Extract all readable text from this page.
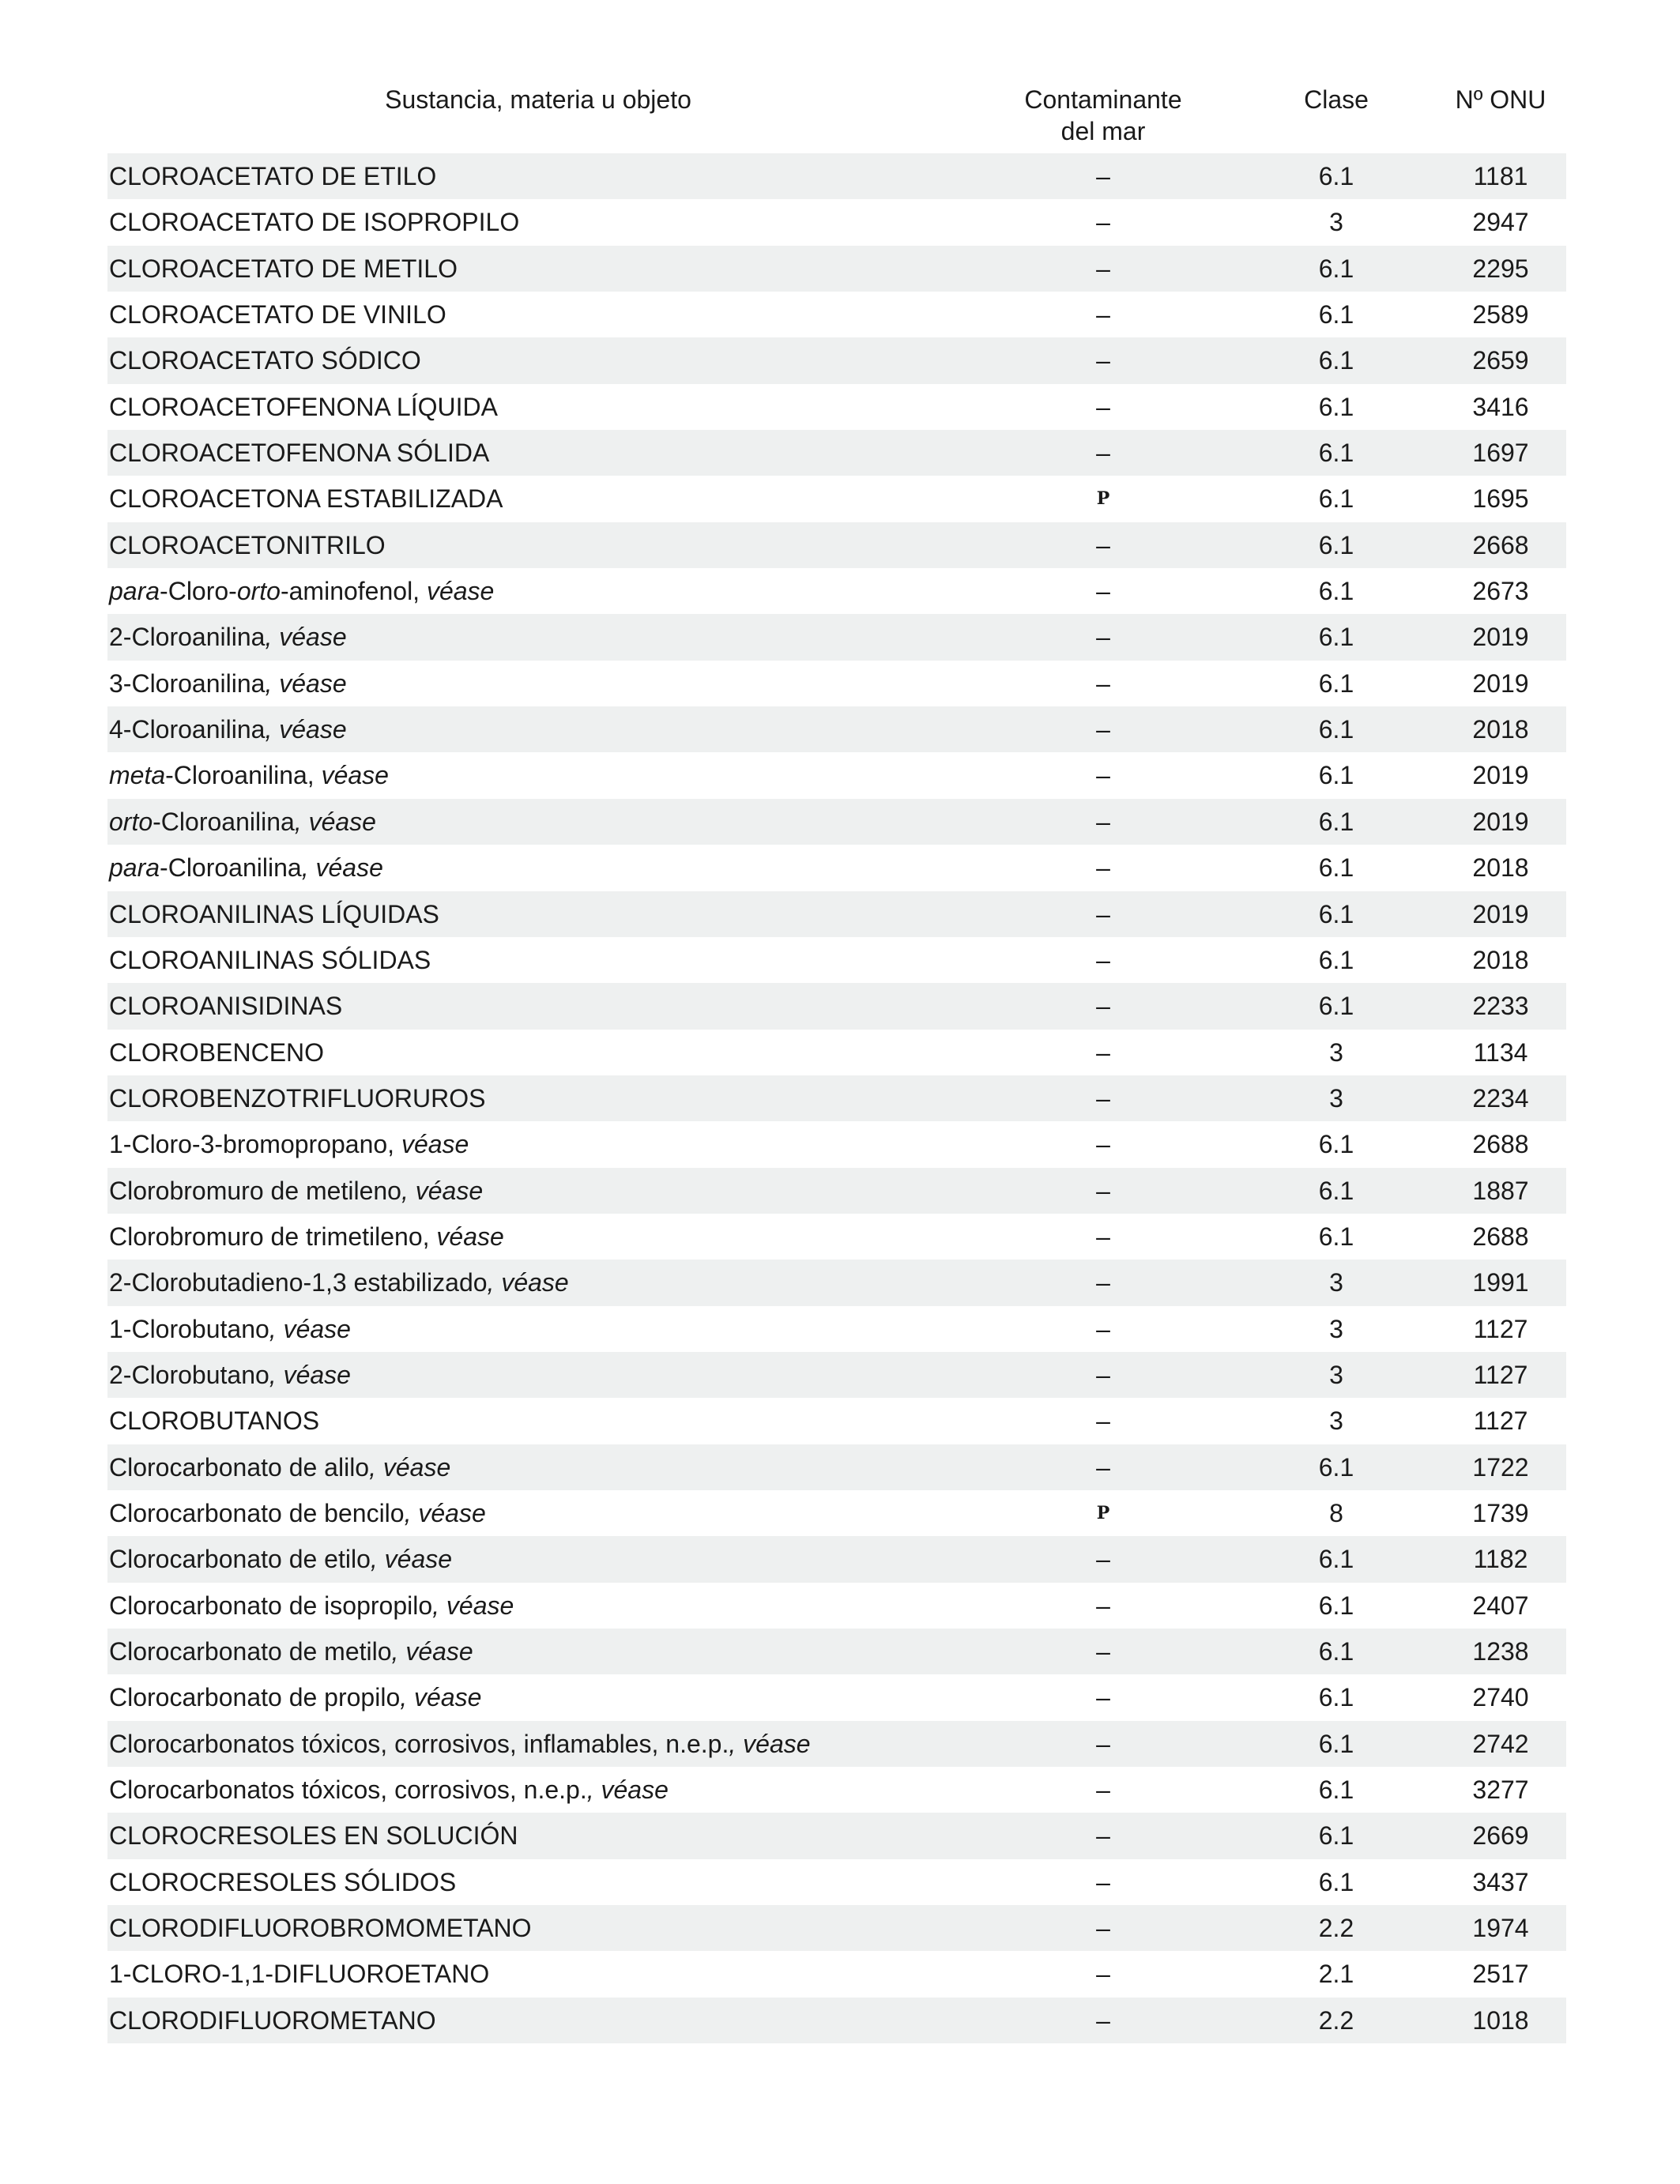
Sustancia, materia u objeto	Contaminante
del mar
Clase	Nº ONU
CLOROACETATO DE ETILO	–	6.1	1181
CLOROACETATO DE ISOPROPILO	–	3	2947
CLOROACETATO DE METILO	–	6.1	2295
CLOROACETATO DE VINILO	–	6.1	2589
CLOROACETATO SÓDICO	–	6.1	2659
CLOROACETOFENONA LÍQUIDA	–	6.1	3416
CLOROACETOFENONA SÓLIDA	–	6.1	1697
CLOROACETONA ESTABILIZADA	P	6.1	1695
CLOROACETONITRILO	–	6.1	2668
para-Cloro-orto-aminofenol, véase	–	6.1	2673
2-Cloroanilina, véase	–	6.1	2019
3-Cloroanilina, véase	–	6.1	2019
4-Cloroanilina, véase	–	6.1	2018
meta-Cloroanilina, véase	–	6.1	2019
orto-Cloroanilina, véase	–	6.1	2019
para-Cloroanilina, véase	–	6.1	2018
CLOROANILINAS LÍQUIDAS	–	6.1	2019
CLOROANILINAS SÓLIDAS	–	6.1	2018
CLOROANISIDINAS	–	6.1	2233
CLOROBENCENO	–	3	1134
CLOROBENZOTRIFLUORUROS	–	3	2234
1-Cloro-3-bromopropano, véase	–	6.1	2688
Clorobromuro de metileno, véase	–	6.1	1887
Clorobromuro de trimetileno, véase	–	6.1	2688
2-Clorobutadieno-1,3 estabilizado, véase	–	3	1991
1-Clorobutano, véase	–	3	1127
2-Clorobutano, véase	–	3	1127
CLOROBUTANOS	–	3	1127
Clorocarbonato de alilo, véase	–	6.1	1722
Clorocarbonato de bencilo, véase	P	8	1739
Clorocarbonato de etilo, véase	–	6.1	1182
Clorocarbonato de isopropilo, véase	–	6.1	2407
Clorocarbonato de metilo, véase	–	6.1	1238
Clorocarbonato de propilo, véase	–	6.1	2740
Clorocarbonatos tóxicos, corrosivos, inflamables, n.e.p., véase	–	6.1	2742
Clorocarbonatos tóxicos, corrosivos, n.e.p., véase	–	6.1	3277
CLOROCRESOLES EN SOLUCIÓN	–	6.1	2669
CLOROCRESOLES SÓLIDOS	–	6.1	3437
CLORODIFLUOROBROMOMETANO	–	2.2	1974
1-CLORO-1,1-DIFLUOROETANO	–	2.1	2517
CLORODIFLUOROMETANO	–	2.2	1018
